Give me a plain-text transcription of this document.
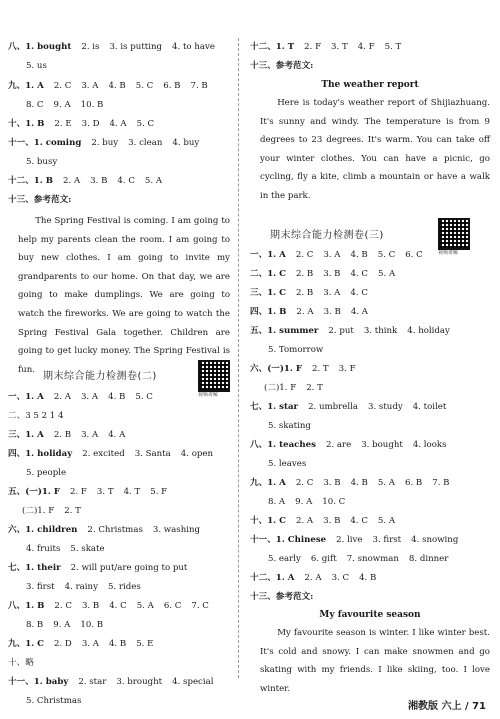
八、1. bought 2. is 3. is putting 4. to have
5. us
九、1. A 2. C 3. A 4. B 5. C 6. B 7. B
8. C 9. A 10. B
十、1. B 2. E 3. D 4. A 5. C
十一、1. coming 2. buy 3. clean 4. buy
5. busy
十二、1. B 2. A 3. B 4. C 5. A
十三、参考范文:

The Spring Festival is coming. I am going to help my parents clean the room. I am going to buy new clothes. I am going to invite my grandparents to our home. On that day, we are going to make dumplings. We are going to watch the fireworks. We are going to watch the Spring Festival Gala together. Children are going to get lucky money. The Spring Festival is fun.

期末综合能力检测卷(二)
视频讲解
一、1. A 2. A 3. A 4. B 5. C
二、3 5 2 1 4
三、1. A 2. B 3. A 4. A
四、1. holiday 2. excited 3. Santa 4. open
5. people
五、(一)1. F 2. F 3. T 4. T 5. F
(二)1. F 2. T
六、1. children 2. Christmas 3. washing
4. fruits 5. skate
七、1. their 2. will put/are going to put
3. first 4. rainy 5. rides
八、1. B 2. C 3. B 4. C 5. A 6. C 7. C
8. B 9. A 10. B
九、1. C 2. D 3. A 4. B 5. E
十、略
十一、1. baby 2. star 3. brought 4. special
5. Christmas
十二、1. T 2. F 3. T 4. F 5. T
十三、参考范文:
The weather report

Here is today's weather report of Shijiazhuang. It's sunny and windy. The temperature is from 9 degrees to 23 degrees. It's warm. You can take off your winter clothes. You can have a picnic, go cycling, fly a kite, climb a mountain or have a walk in the park.

期末综合能力检测卷(三)
视频讲解
一、1. A 2. C 3. A 4. B 5. C 6. C
二、1. C 2. B 3. B 4. C 5. A
三、1. C 2. B 3. A 4. C
四、1. B 2. A 3. B 4. A
五、1. summer 2. put 3. think 4. holiday
5. Tomorrow
六、(一)1. F 2. T 3. F
(二)1. F 2. T
七、1. star 2. umbrella 3. study 4. toilet
5. skating
八、1. teaches 2. are 3. bought 4. looks
5. leaves
九、1. A 2. C 3. B 4. B 5. A 6. B 7. B
8. A 9. A 10. C
十、1. C 2. A 3. B 4. C 5. A
十一、1. Chinese 2. live 3. first 4. snowing
5. early 6. gift 7. snowman 8. dinner
十二、1. A 2. A 3. C 4. B
十三、参考范文:
My favourite season

My favourite season is winter. I like winter best. It's cold and snowy. I can make snowmen and go skating with my friends. I like skiing, too. I love winter.

湘教版 六上 / 71
